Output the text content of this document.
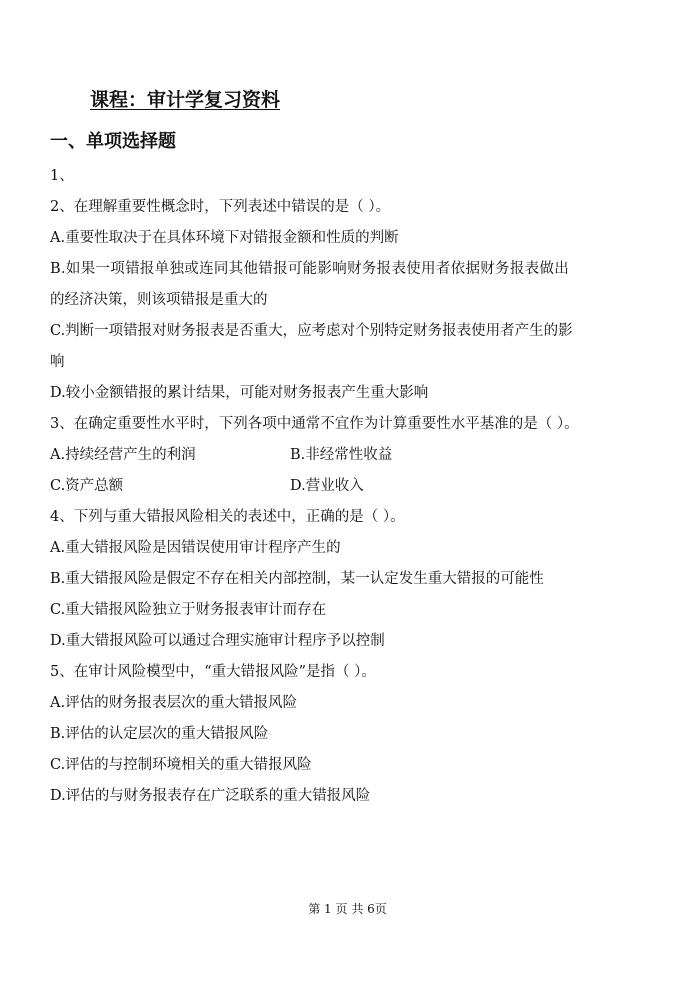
课程：审计学复习资料
一、单项选择题
1、
2、在理解重要性概念时，下列表述中错误的是（ ）。
A.重要性取决于在具体环境下对错报金额和性质的判断
B.如果一项错报单独或连同其他错报可能影响财务报表使用者依据财务报表做出
的经济决策，则该项错报是重大的
C.判断一项错报对财务报表是否重大，应考虑对个别特定财务报表使用者产生的影
响
D.较小金额错报的累计结果，可能对财务报表产生重大影响
3、在确定重要性水平时，下列各项中通常不宜作为计算重要性水平基准的是（ ）。
A.持续经营产生的利润	B.非经常性收益
C.资产总额	D.营业收入
4、下列与重大错报风险相关的表述中，正确的是（ ）。
A.重大错报风险是因错误使用审计程序产生的
B.重大错报风险是假定不存在相关内部控制，某一认定发生重大错报的可能性
C.重大错报风险独立于财务报表审计而存在
D.重大错报风险可以通过合理实施审计程序予以控制
5、在审计风险模型中，“重大错报风险”是指（ ）。
A.评估的财务报表层次的重大错报风险
B.评估的认定层次的重大错报风险
C.评估的与控制环境相关的重大错报风险
D.评估的与财务报表存在广泛联系的重大错报风险
第 1 页 共 6页
